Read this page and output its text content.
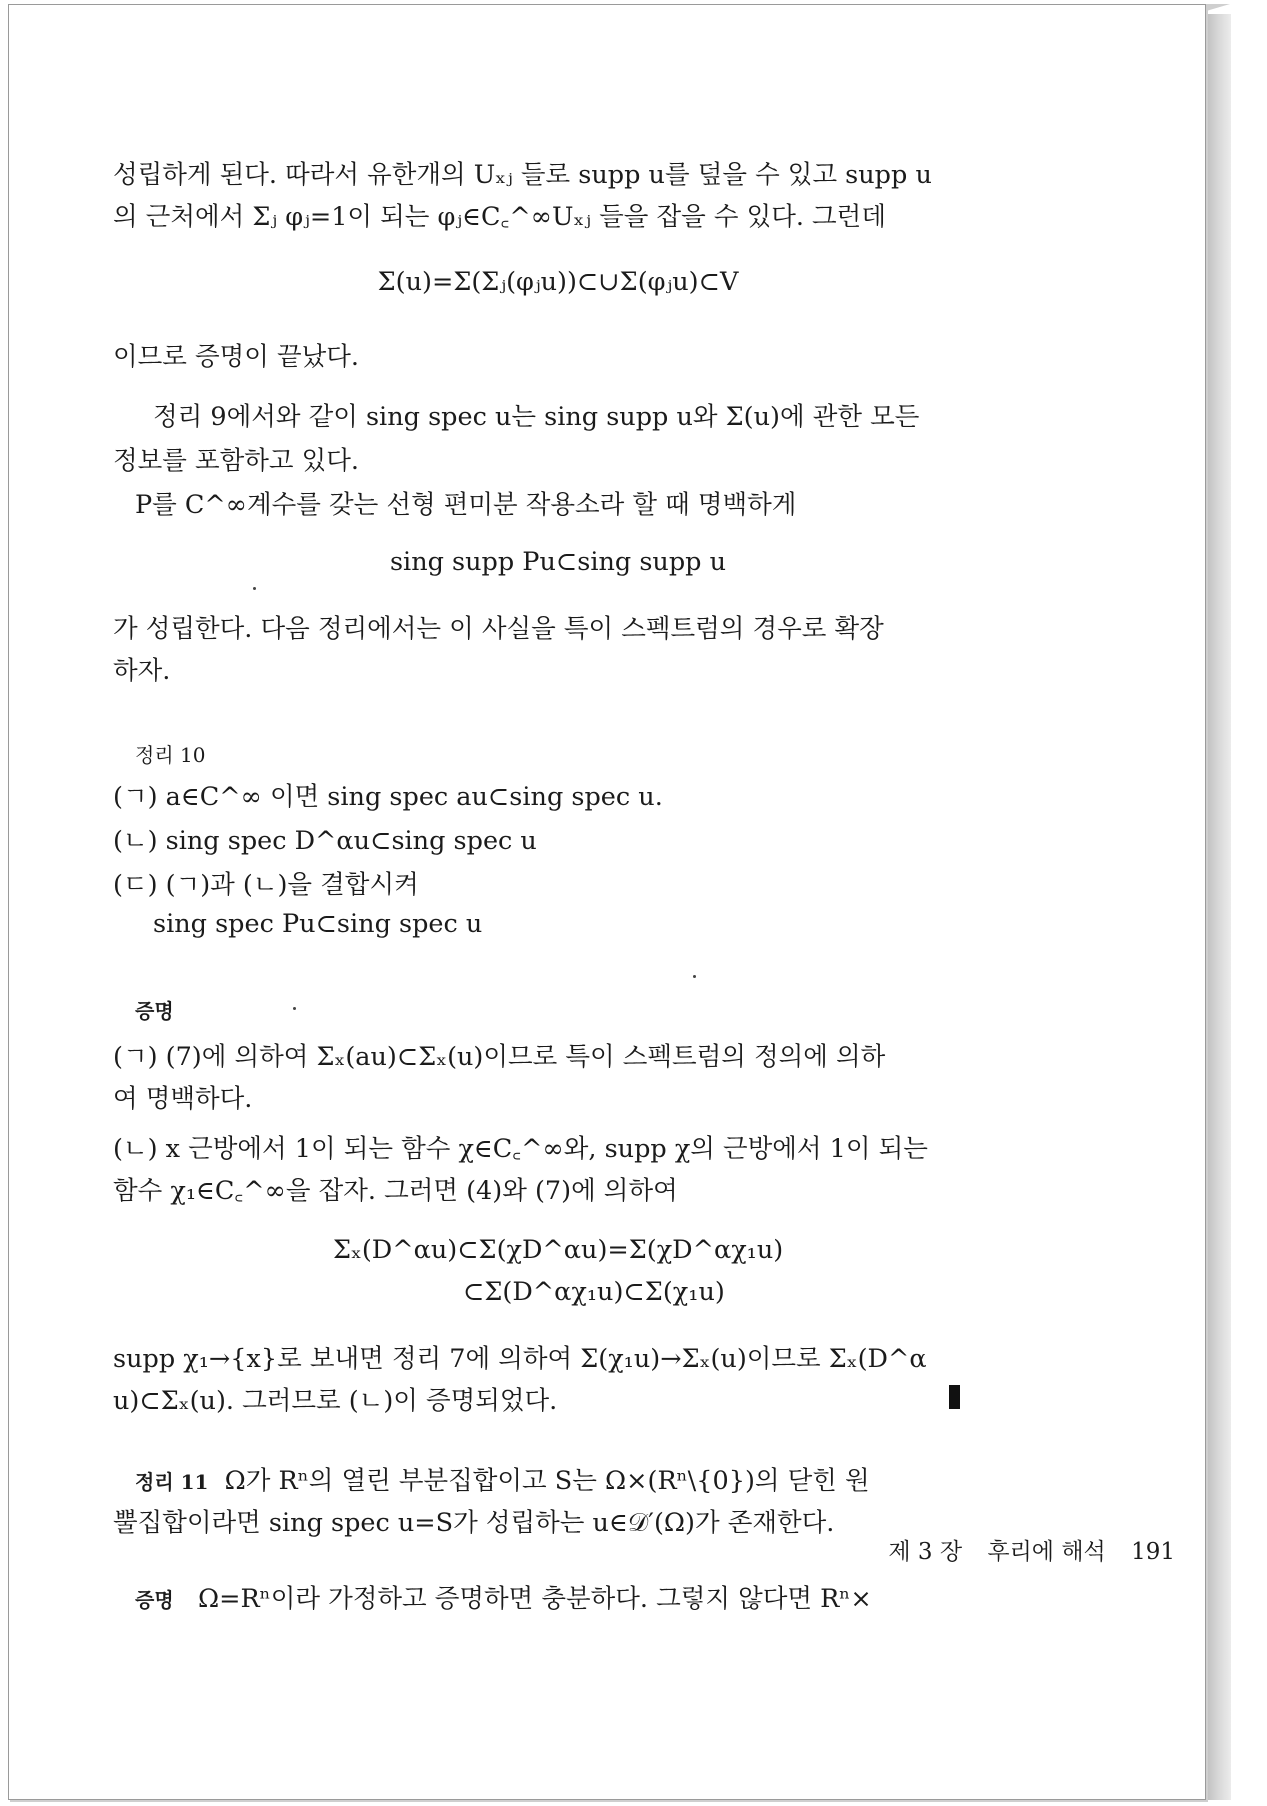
성립하게 된다. 따라서 유한개의 Uₓⱼ 들로 supp u를 덮을 수 있고 supp u
의 근처에서 Σⱼ φⱼ=1이 되는 φⱼ∈C꜀^∞Uₓⱼ 들을 잡을 수 있다. 그런데
Σ(u)=Σ(Σⱼ(φⱼu))⊂∪Σ(φⱼu)⊂V
이므로 증명이 끝났다.
정리 9에서와 같이 sing spec u는 sing supp u와 Σ(u)에 관한 모든
정보를 포함하고 있다.
P를 C^∞계수를 갖는 선형 편미분 작용소라 할 때 명백하게
sing supp Pu⊂sing supp u
가 성립한다. 다음 정리에서는 이 사실을 특이 스펙트럼의 경우로 확장
하자.
정리 10
(ㄱ) a∈C^∞ 이면 sing spec au⊂sing spec u.
(ㄴ) sing spec D^αu⊂sing spec u
(ㄷ) (ㄱ)과 (ㄴ)을 결합시켜
sing spec Pu⊂sing spec u
증명
(ㄱ) (7)에 의하여 Σₓ(au)⊂Σₓ(u)이므로 특이 스펙트럼의 정의에 의하
여 명백하다.
(ㄴ) x 근방에서 1이 되는 함수 χ∈C꜀^∞와, supp χ의 근방에서 1이 되는
함수 χ₁∈C꜀^∞을 잡자. 그러면 (4)와 (7)에 의하여
Σₓ(D^αu)⊂Σ(χD^αu)=Σ(χD^αχ₁u)
⊂Σ(D^αχ₁u)⊂Σ(χ₁u)
supp χ₁→{x}로 보내면 정리 7에 의하여 Σ(χ₁u)→Σₓ(u)이므로 Σₓ(D^α
u)⊂Σₓ(u). 그러므로 (ㄴ)이 증명되었다.
정리 11 Ω가 Rⁿ의 열린 부분집합이고 S는 Ω×(Rⁿ\{0})의 닫힌 원
뿔집합이라면 sing spec u=S가 성립하는 u∈𝒟′(Ω)가 존재한다.
증명 Ω=Rⁿ이라 가정하고 증명하면 충분하다. 그렇지 않다면 Rⁿ×
제 3 장 후리에 해석 191
